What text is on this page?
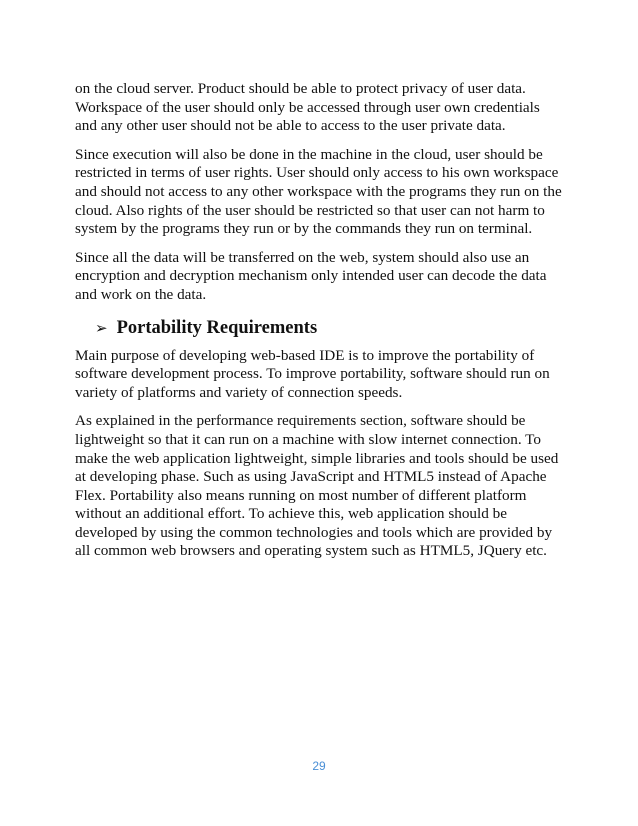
on the cloud server. Product should be able to protect privacy of user data.
Workspace of the user should only be accessed through user own credentials
and any other user should not be able to access to the user private data.

Since execution will also be done in the machine in the cloud, user should be
restricted in terms of user rights. User should only access to his own workspace
and should not access to any other workspace with the programs they run on the
cloud. Also rights of the user should be restricted so that user can not harm to
system by the programs they run or by the commands they run on terminal.

Since all the data will be transferred on the web, system should also use an
encryption and decryption mechanism only intended user can decode the data
and work on the data.

➢ Portability Requirements

Main purpose of developing web-based IDE is to improve the portability of
software development process. To improve portability, software should run on
variety of platforms and variety of connection speeds.

As explained in the performance requirements section, software should be
lightweight so that it can run on a machine with slow internet connection. To
make the web application lightweight, simple libraries and tools should be used
at developing phase. Such as using JavaScript and HTML5 instead of Apache
Flex. Portability also means running on most number of different platform
without an additional effort. To achieve this, web application should be
developed by using the common technologies and tools which are provided by
all common web browsers and operating system such as HTML5, JQuery etc.

29
